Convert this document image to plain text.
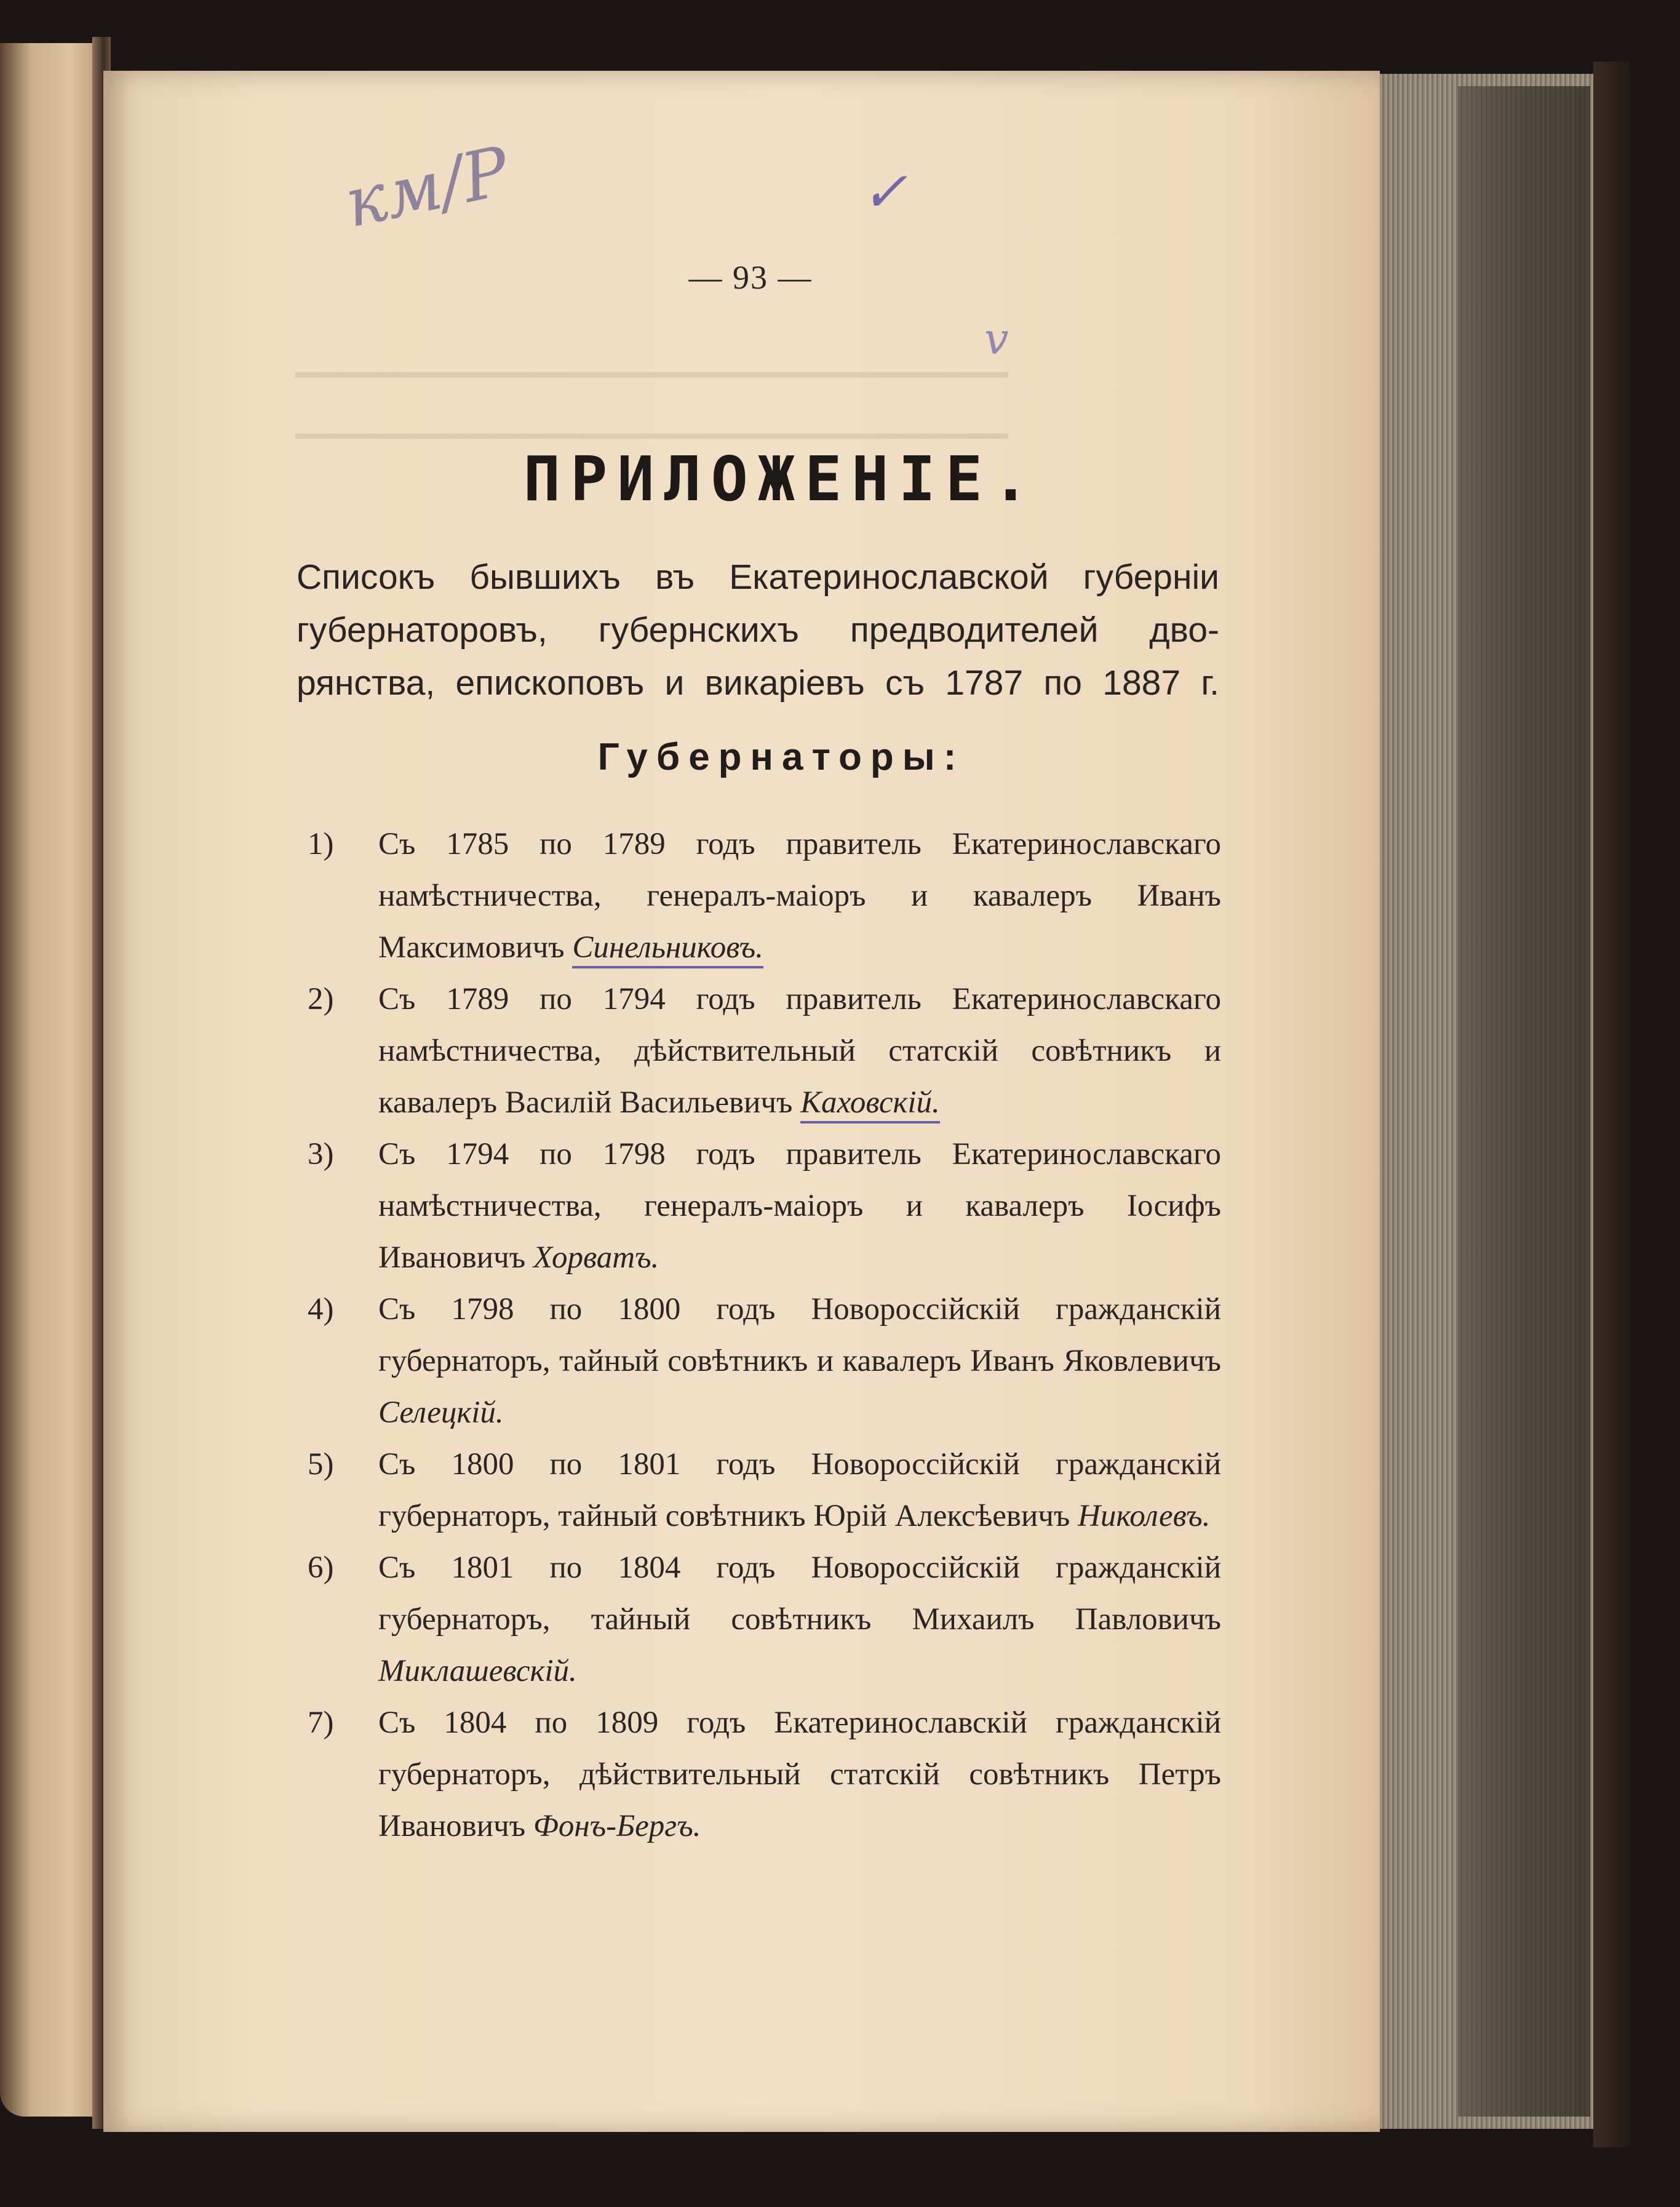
━━━━━━━━━━━━━━━━━━━━━━━━━━━━━━━━━━━━━
━━━━━━━━━━━━━━━━━━━━━━━━━━━━━━━━━━━━━
км/Р	✓
v
— 93 —
ПРИЛОЖЕНIЕ.
Списокъ бывшихъ въ Екатеринославской губернiи
губернаторовъ, губернскихъ предводителей дво-
рянства, епископовъ и викарiевъ съ 1787 по 1887 г.
Губернаторы:
1)	Съ 1785 по 1789 годъ правитель Екатеринославскаго намѣстничества, генералъ-маiоръ и кавалеръ Иванъ Максимовичъ Синельниковъ.
2)	Съ 1789 по 1794 годъ правитель Екатеринославскаго намѣстничества, дѣйствительный статскiй совѣтникъ и кавалеръ Василiй Васильевичъ Каховскiй.
3)	Съ 1794 по 1798 годъ правитель Екатеринославскаго намѣстничества, генералъ-маiоръ и кавалеръ Iосифъ Ивановичъ Хорватъ.
4)	Съ 1798 по 1800 годъ Новороссiйскiй гражданскiй губернаторъ, тайный совѣтникъ и кавалеръ Иванъ Яковлевичъ Селецкiй.
5)	Съ 1800 по 1801 годъ Новороссiйскiй гражданскiй губернаторъ, тайный совѣтникъ Юрiй Алексѣевичъ Николевъ.
6)	Съ 1801 по 1804 годъ Новороссiйскiй гражданскiй губернаторъ, тайный совѣтникъ Михаилъ Павловичъ Миклашевскiй.
7)	Съ 1804 по 1809 годъ Екатеринославскiй гражданскiй губернаторъ, дѣйствительный статскiй совѣтникъ Петръ Ивановичъ Фонъ-Бергъ.
